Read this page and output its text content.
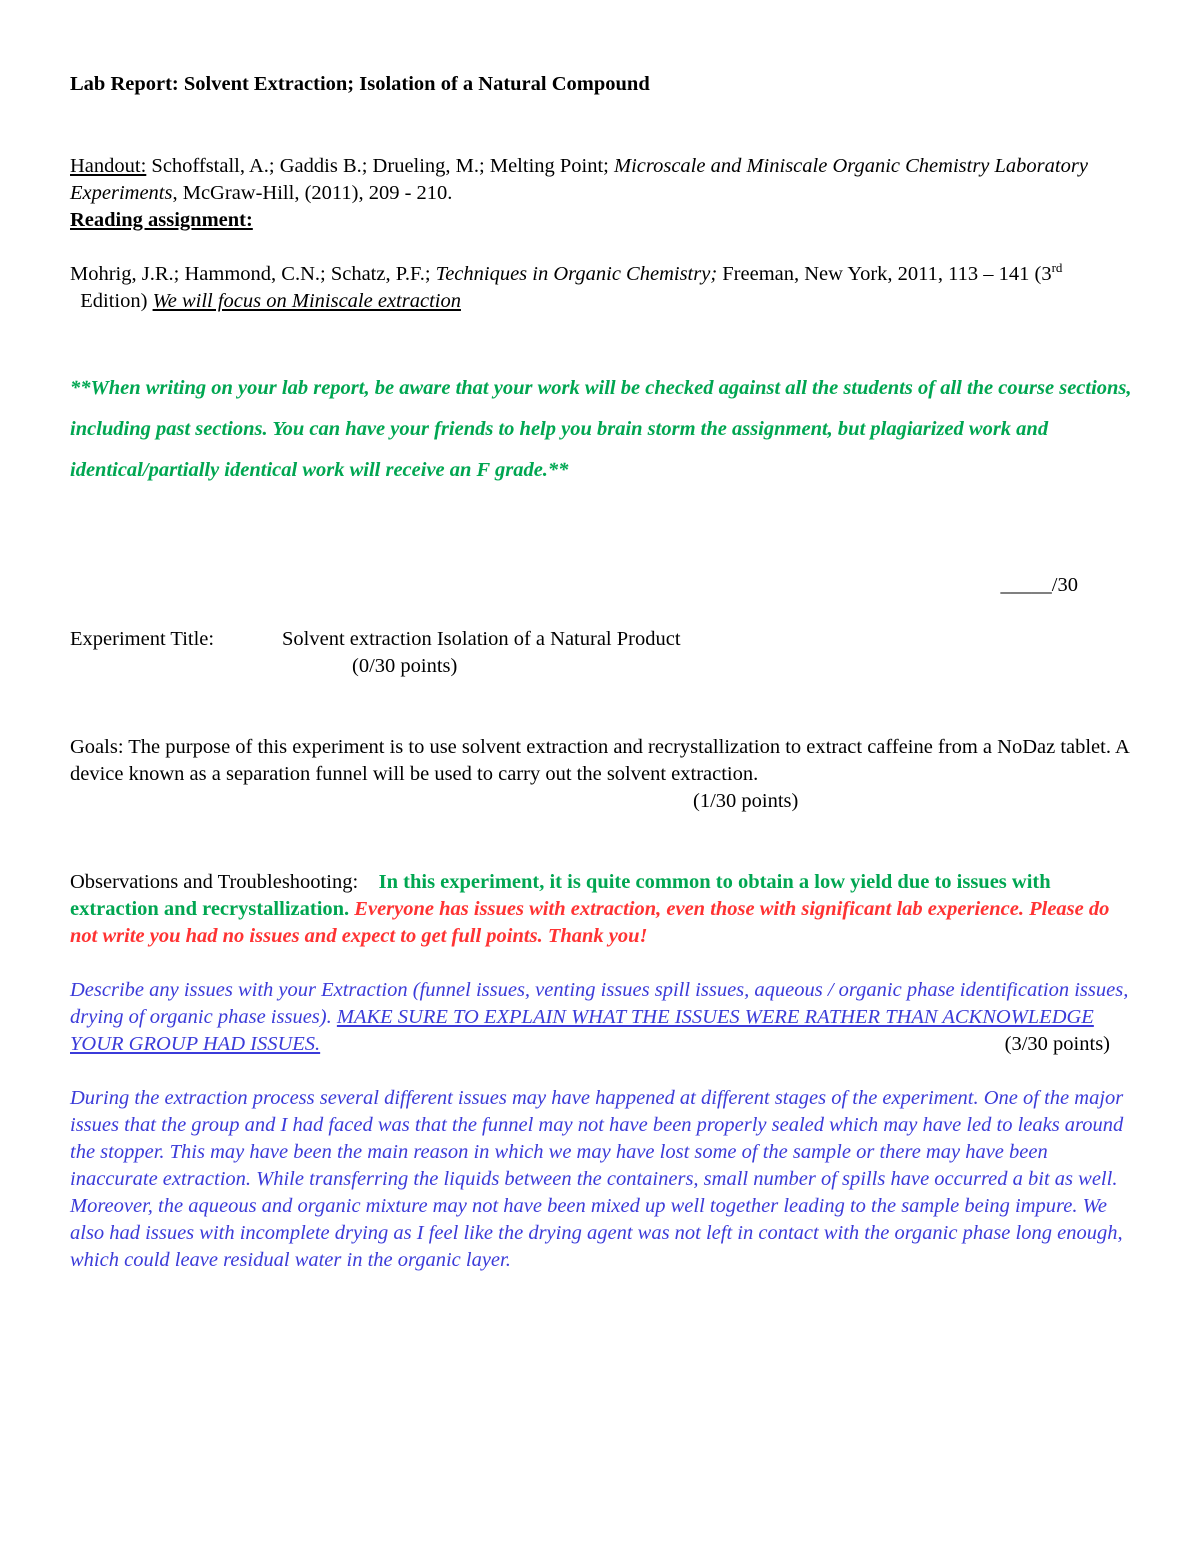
Lab Report: Solvent Extraction; Isolation of a Natural Compound
Handout: Schoffstall, A.; Gaddis B.; Drueling, M.; Melting Point; Microscale and Miniscale Organic Chemistry Laboratory Experiments, McGraw-Hill, (2011), 209 - 210.
Reading assignment:
Mohrig, J.R.; Hammond, C.N.; Schatz, P.F.; Techniques in Organic Chemistry; Freeman, New York, 2011, 113 – 141 (3rd  Edition) We will focus on Miniscale extraction
**When writing on your lab report, be aware that your work will be checked against all the students of all the course sections, including past sections. You can have your friends to help you brain storm the assignment, but plagiarized work and identical/partially identical work will receive an F grade.**
_____/30
Experiment Title:	Solvent extraction Isolation of a Natural Product
(0/30 points)
Goals: The purpose of this experiment is to use solvent extraction and recrystallization to extract caffeine from a NoDaz tablet. A device known as a separation funnel will be used to carry out the solvent extraction.
(1/30 points)
Observations and Troubleshooting: In this experiment, it is quite common to obtain a low yield due to issues with extraction and recrystallization. Everyone has issues with extraction, even those with significant lab experience. Please do not write you had no issues and expect to get full points. Thank you!
Describe any issues with your Extraction (funnel issues, venting issues spill issues, aqueous / organic phase identification issues, drying of organic phase issues). MAKE SURE TO EXPLAIN WHAT THE ISSUES WERE RATHER THAN ACKNOWLEDGE YOUR GROUP HAD ISSUES.	(3/30 points)
During the extraction process several different issues may have happened at different stages of the experiment. One of the major issues that the group and I had faced was that the funnel may not have been properly sealed which may have led to leaks around the stopper. This may have been the main reason in which we may have lost some of the sample or there may have been inaccurate extraction. While transferring the liquids between the containers, small number of spills have occurred a bit as well. Moreover, the aqueous and organic mixture may not have been mixed up well together leading to the sample being impure. We also had issues with incomplete drying as I feel like the drying agent was not left in contact with the organic phase long enough, which could leave residual water in the organic layer.
